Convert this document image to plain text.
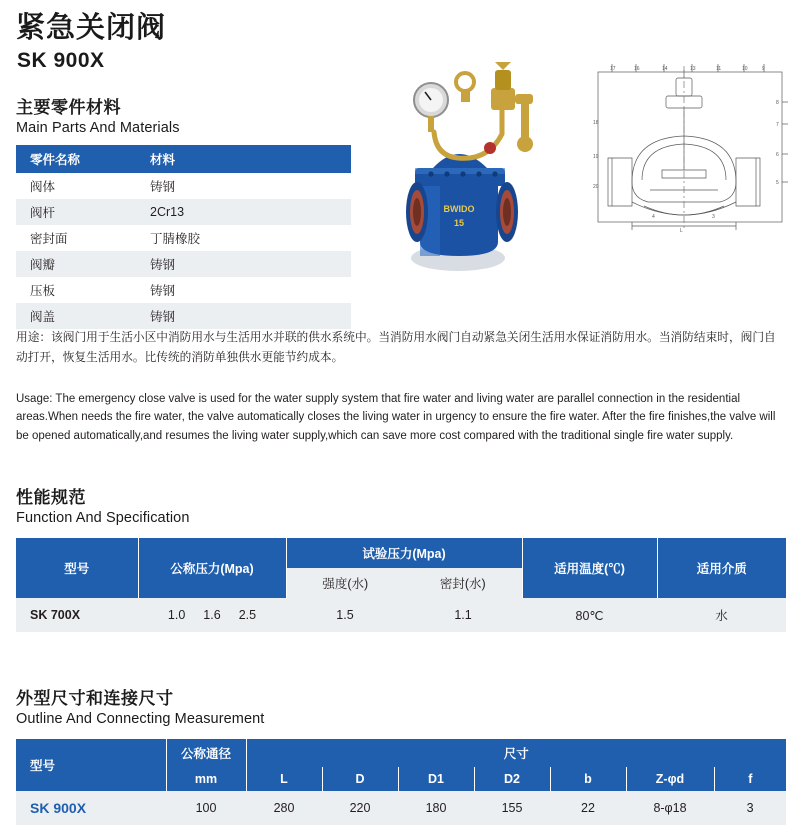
紧急关闭阀
SK 900X
主要零件材料
Main Parts And Materials
零件名称	材料
阀体	铸钢
阀杆	2Cr13
密封面	丁腈橡胶
阀瓣	铸钢
压板	铸钢
阀盖	铸钢
BWIDO
15
17	16	14	13	11	10	9
18
19
20
8
7
6
5
L
4	3
用途：该阀门用于生活小区中消防用水与生活用水并联的供水系统中。当消防用水阀门自动紧急关闭生活用水保证消防用水。当消防结束时，阀门自动打开，恢复生活用水。比传统的消防单独供水更能节约成本。
Usage: The emergency close valve is used for the water supply system that fire water and living water are parallel connection in the residential areas.When needs the fire water, the valve automatically closes the living water in urgency to ensure the fire water. After the fire finishes,the valve will be opened automatically,and resumes the living water supply,which can save more cost compared with the traditional single fire water supply.
性能规范
Function And Specification
型号	公称压力(Mpa)	试验压力(Mpa)		适用温度(℃)	适用介质
		强度(水)	密封(水)		
SK 700X	1.0 1.6 2.5	1.5	1.1	80℃	水
外型尺寸和连接尺寸
Outline And Connecting Measurement
型号	公称通径	尺寸						
	mm	L	D	D1	D2	b	Z-φd	f
SK 900X	100	280	220	180	155	22	8-φ18	3
